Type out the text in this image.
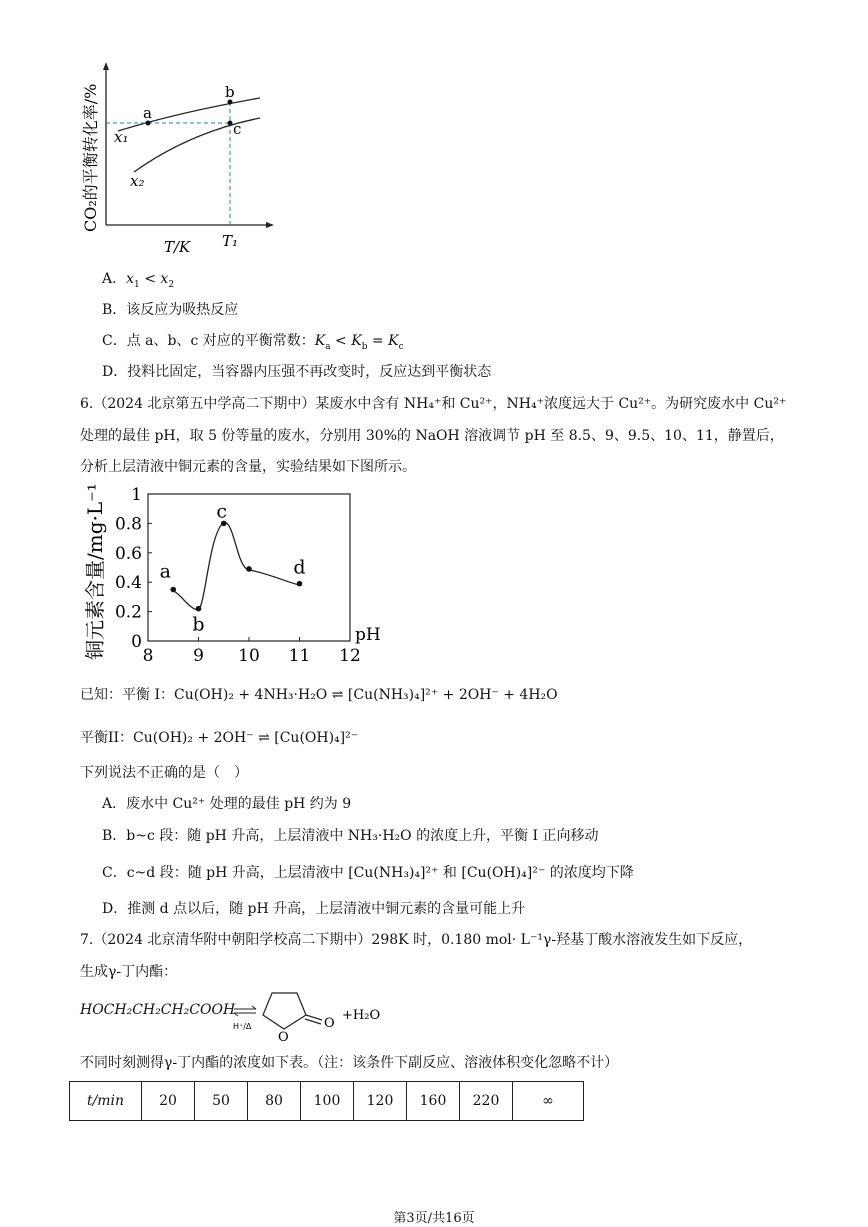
a
b
c
x₁
x₂
T/K T₁
CO₂的平衡转化率/%
A．$x_1 < x_2$
B．该反应为吸热反应
C．点 a、b、c 对应的平衡常数：$K_a < K_b = K_c$
D．投料比固定，当容器内压强不再改变时，反应达到平衡状态
6.（2024 北京第五中学高二下期中）某废水中含有 NH₄⁺和 Cu²⁺，NH₄⁺浓度远大于 Cu²⁺。为研究废水中 Cu²⁺
处理的最佳 pH，取 5 份等量的废水，分别用 30%的 NaOH 溶液调节 pH 至 8.5、9、9.5、10、11，静置后，
分析上层清液中铜元素的含量，实验结果如下图所示。
8 9 10 11 12
0
0.2
0.4
0.6
0.8
1
a
b
c
d
铜元素含量/mg·L⁻¹	pH
已知：平衡 I：Cu(OH)₂ + 4NH₃·H₂O ⇌ [Cu(NH₃)₄]²⁺ + 2OH⁻ + 4H₂O
平衡II：Cu(OH)₂ + 2OH⁻ ⇌ [Cu(OH)₄]²⁻
下列说法不正确的是（　）
A．废水中 Cu²⁺ 处理的最佳 pH 约为 9
B．b~c 段：随 pH 升高，上层清液中 NH₃·H₂O 的浓度上升，平衡 I 正向移动
C．c~d 段：随 pH 升高，上层清液中 [Cu(NH₃)₄]²⁺ 和 [Cu(OH)₄]²⁻ 的浓度均下降
D．推测 d 点以后，随 pH 升高，上层清液中铜元素的含量可能上升
7.（2024 北京清华附中朝阳学校高二下期中）298K 时，0.180 mol· L⁻¹γ-羟基丁酸水溶液发生如下反应，
生成γ-丁内酯：
HOCH₂CH₂CH₂COOH
H⁺/Δ	O
O
+H₂O
不同时刻测得γ-丁内酯的浓度如下表。（注：该条件下副反应、溶液体积变化忽略不计）
t/min	20	50	80	100	120	160	220	∞
第3页/共16页
